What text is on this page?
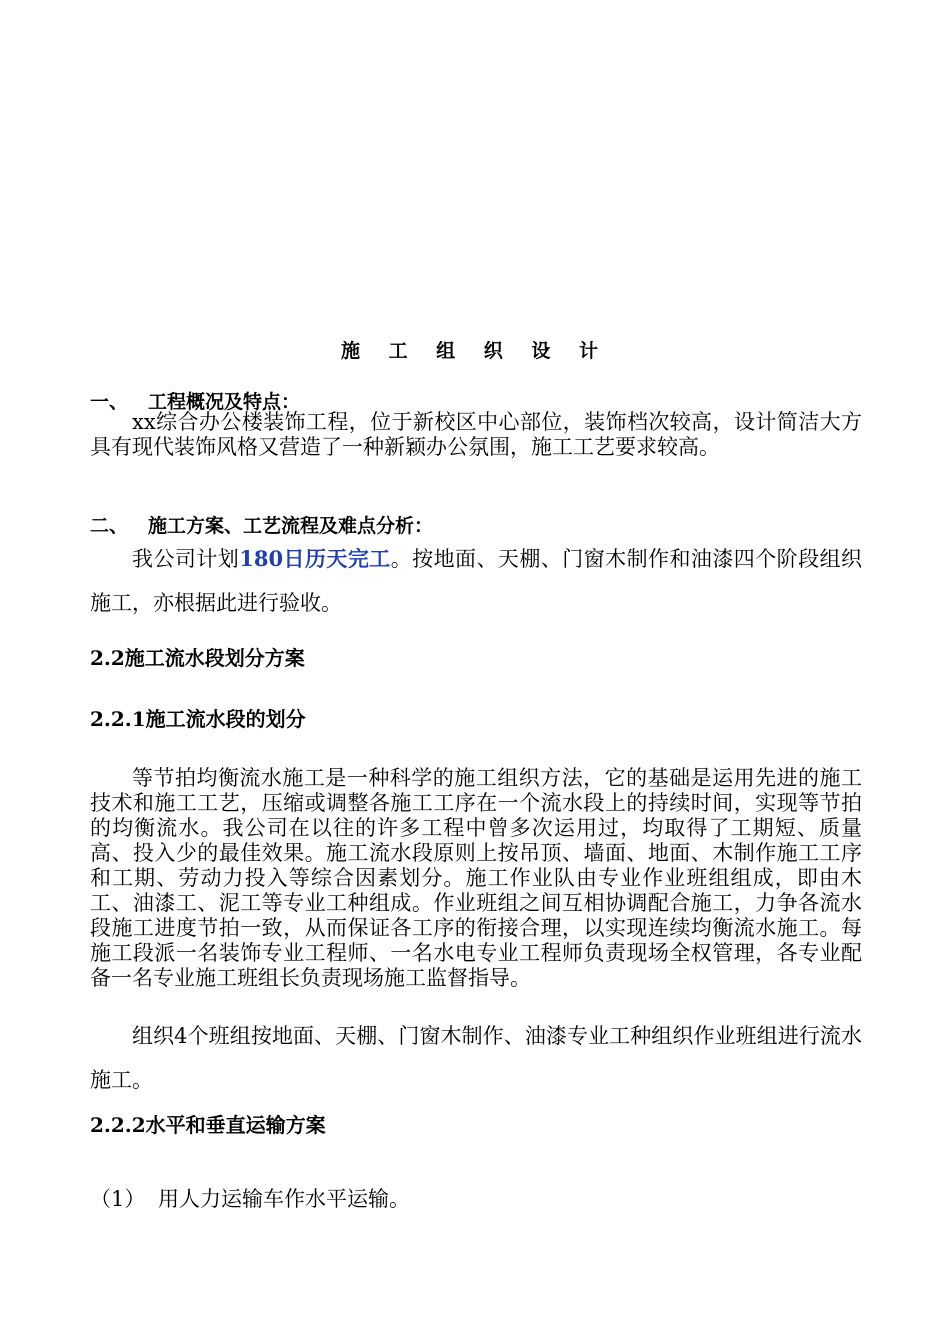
施 工 组 织 设 计
一、 工程概况及特点：
xx综合办公楼装饰工程，位于新校区中心部位，装饰档次较高，设计简洁大方具有现代装饰风格又营造了一种新颖办公氛围，施工工艺要求较高。
二、 施工方案、工艺流程及难点分析：
我公司计划180日历天完工。按地面、天棚、门窗木制作和油漆四个阶段组织施工，亦根据此进行验收。
2.2施工流水段划分方案
2.2.1施工流水段的划分
等节拍均衡流水施工是一种科学的施工组织方法，它的基础是运用先进的施工技术和施工工艺，压缩或调整各施工工序在一个流水段上的持续时间，实现等节拍的均衡流水。我公司在以往的许多工程中曾多次运用过，均取得了工期短、质量高、投入少的最佳效果。施工流水段原则上按吊顶、墙面、地面、木制作施工工序和工期、劳动力投入等综合因素划分。施工作业队由专业作业班组组成，即由木工、油漆工、泥工等专业工种组成。作业班组之间互相协调配合施工，力争各流水段施工进度节拍一致，从而保证各工序的衔接合理，以实现连续均衡流水施工。每施工段派一名装饰专业工程师、一名水电专业工程师负责现场全权管理，各专业配备一名专业施工班组长负责现场施工监督指导。
组织4个班组按地面、天棚、门窗木制作、油漆专业工种组织作业班组进行流水施工。
2.2.2水平和垂直运输方案
（1） 用人力运输车作水平运输。
